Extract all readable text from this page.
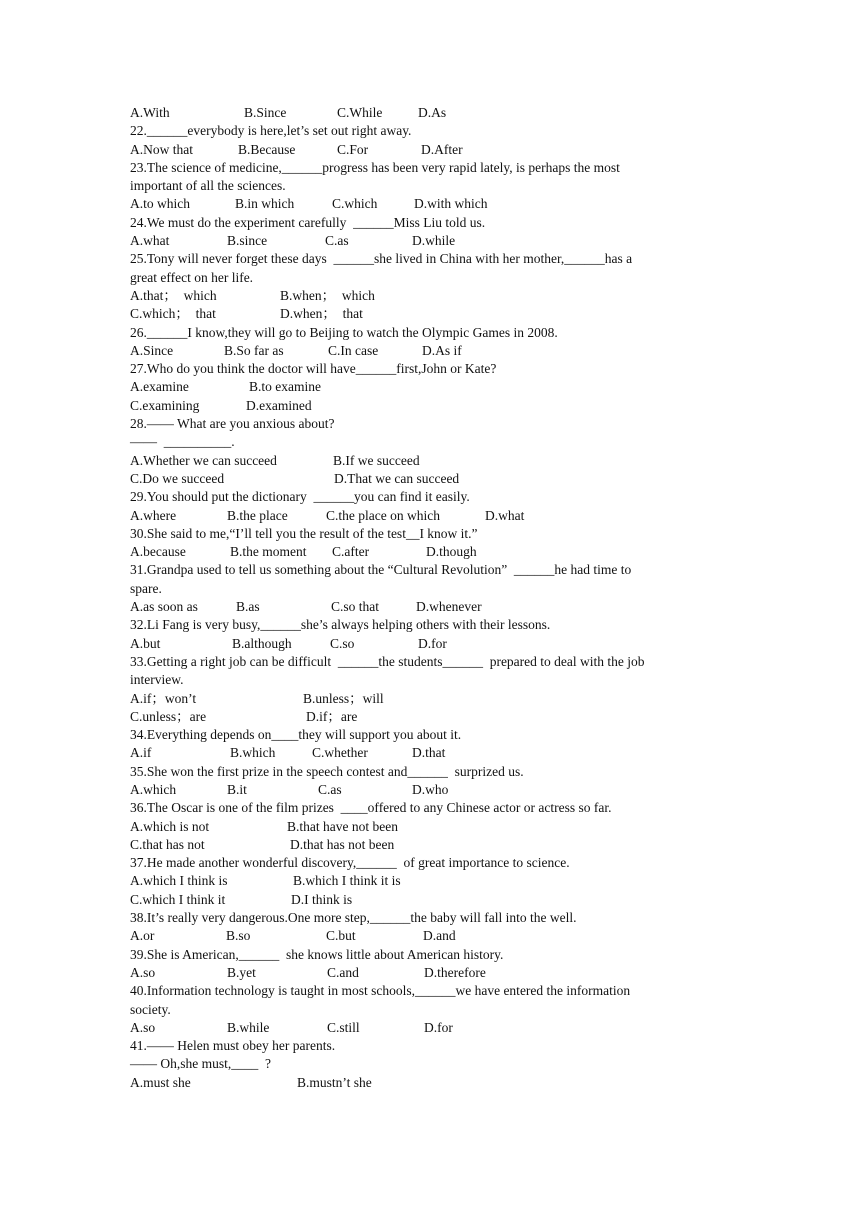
A.With	B.Since	C.While	D.As
22.______everybody is here,let’s set out right away.
A.Now that	B.Because	C.For	D.After
23.The science of medicine,______progress has been very rapid lately, is perhaps the most
important of all the sciences.
A.to which	B.in which	C.which	D.with which
24.We must do the experiment carefully  ______Miss Liu told us.
A.what	B.since	C.as	D.while
25.Tony will never forget these days  ______she lived in China with her mother,______has a
great effect on her life.
A.that；  which	B.when；  which
C.which；  that	D.when；  that
26.______I know,they will go to Beijing to watch the Olympic Games in 2008.
A.Since	B.So far as	C.In case	D.As if
27.Who do you think the doctor will have______first,John or Kate?
A.examine	B.to examine
C.examining	D.examined
28.—— What are you anxious about?
——  __________.
A.Whether we can succeed	B.If we succeed
C.Do we succeed	D.That we can succeed
29.You should put the dictionary  ______you can find it easily.
A.where	B.the place	C.the place on which	D.what
30.She said to me,“I’ll tell you the result of the test__I know it.”
A.because	B.the moment C.after	D.though
31.Grandpa used to tell us something about the “Cultural Revolution”  ______he had time to
spare.
A.as soon as	B.as	C.so that	D.whenever
32.Li Fang is very busy,______she’s always helping others with their lessons.
A.but	B.although	C.so	D.for
33.Getting a right job can be difficult  ______the students______  prepared to deal with the job
interview.
A.if；won’t	B.unless；will
C.unless；are	D.if；are
34.Everything depends on____they will support you about it.
A.if	B.which	C.whether	D.that
35.She won the first prize in the speech contest and______  surprized us.
A.which	B.it	C.as	D.who
36.The Oscar is one of the film prizes  ____offered to any Chinese actor or actress so far.
A.which is not	B.that have not been
C.that has not	D.that has not been
37.He made another wonderful discovery,______  of great importance to science.
A.which I think is	B.which I think it is
C.which I think it	D.I think is
38.It’s really very dangerous.One more step,______the baby will fall into the well.
A.or	B.so	C.but	D.and
39.She is American,______  she knows little about American history.
A.so	B.yet	C.and	D.therefore
40.Information technology is taught in most schools,______we have entered the information
society.
A.so	B.while	C.still	D.for
41.—— Helen must obey her parents.
—— Oh,she must,____  ?
A.must she	B.mustn’t she
